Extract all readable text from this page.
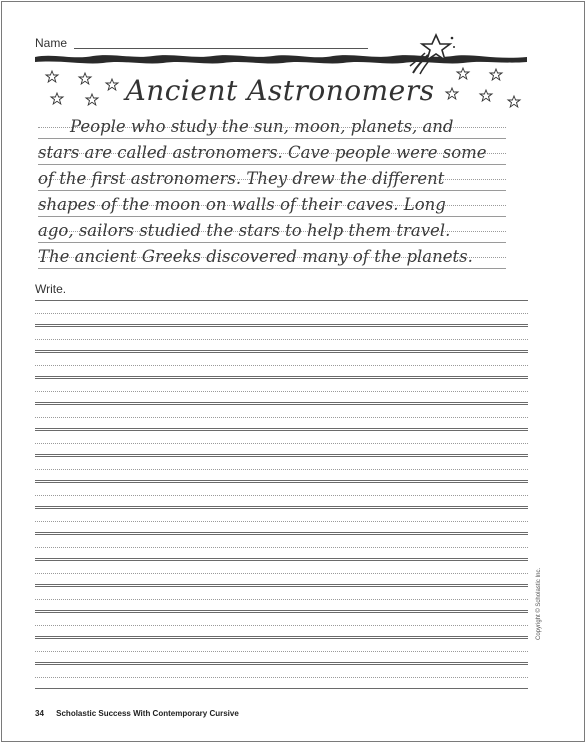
Name
Ancient Astronomers
People who study the sun, moon, planets, and
stars are called astronomers. Cave people were some
of the first astronomers. They drew the different
shapes of the moon on walls of their caves. Long
ago, sailors studied the stars to help them travel.
The ancient Greeks discovered many of the planets.
Write.
Copyright © Scholastic Inc.
34 Scholastic Success With Contemporary Cursive
